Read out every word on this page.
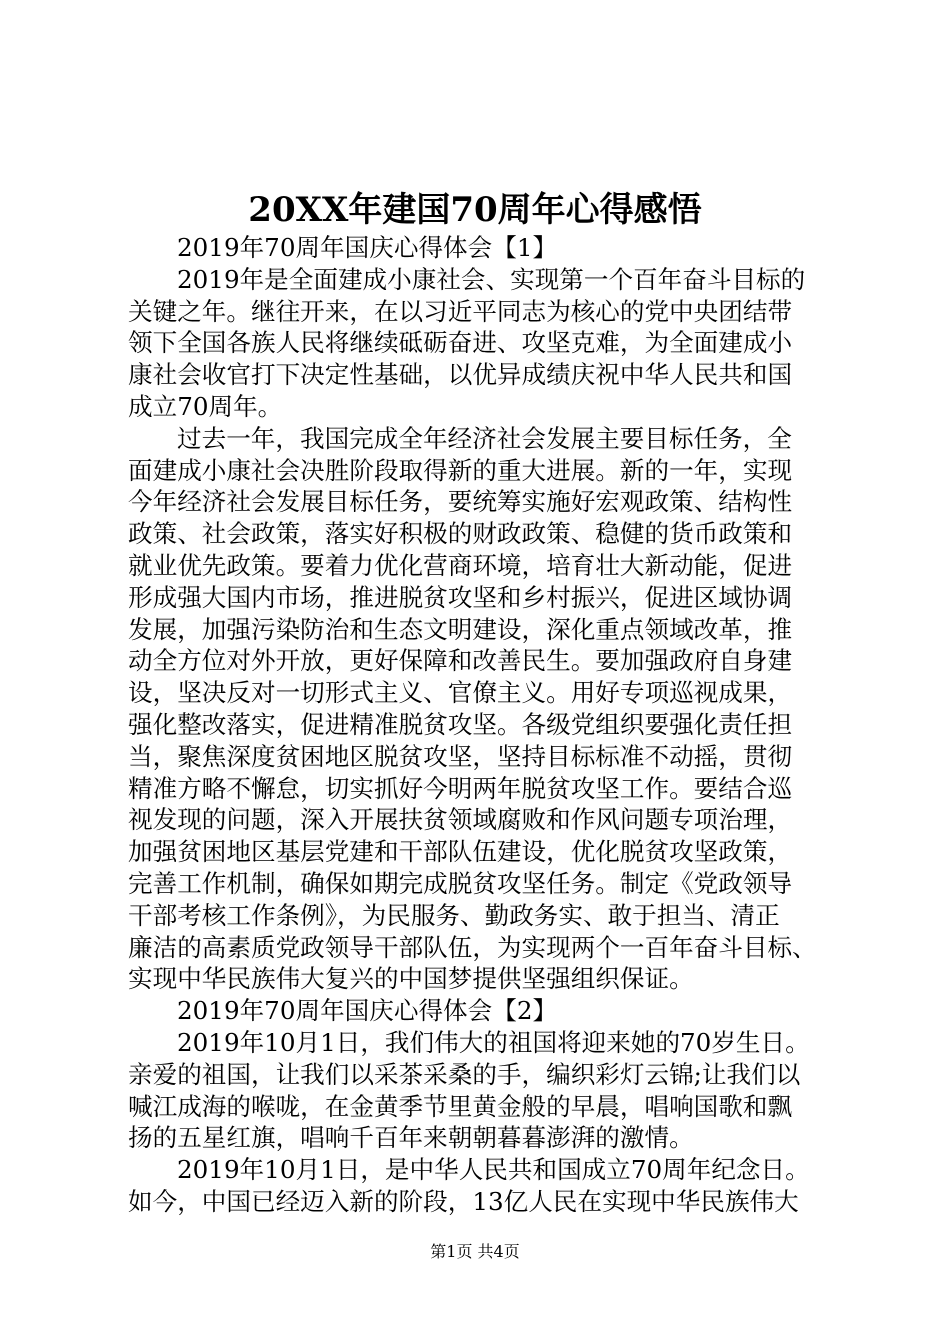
20XX年建国70周年心得感悟
2019年70周年国庆心得体会【1】
2019年是全面建成小康社会、实现第一个百年奋斗目标的
关键之年。继往开来，在以习近平同志为核心的党中央团结带
领下全国各族人民将继续砥砺奋进、攻坚克难，为全面建成小
康社会收官打下决定性基础，以优异成绩庆祝中华人民共和国
成立70周年。
过去一年，我国完成全年经济社会发展主要目标任务，全
面建成小康社会决胜阶段取得新的重大进展。新的一年，实现
今年经济社会发展目标任务，要统筹实施好宏观政策、结构性
政策、社会政策，落实好积极的财政政策、稳健的货币政策和
就业优先政策。要着力优化营商环境，培育壮大新动能，促进
形成强大国内市场，推进脱贫攻坚和乡村振兴，促进区域协调
发展，加强污染防治和生态文明建设，深化重点领域改革，推
动全方位对外开放，更好保障和改善民生。要加强政府自身建
设，坚决反对一切形式主义、官僚主义。用好专项巡视成果，
强化整改落实，促进精准脱贫攻坚。各级党组织要强化责任担
当，聚焦深度贫困地区脱贫攻坚，坚持目标标准不动摇，贯彻
精准方略不懈怠，切实抓好今明两年脱贫攻坚工作。要结合巡
视发现的问题，深入开展扶贫领域腐败和作风问题专项治理，
加强贫困地区基层党建和干部队伍建设，优化脱贫攻坚政策，
完善工作机制，确保如期完成脱贫攻坚任务。制定《党政领导
干部考核工作条例》，为民服务、勤政务实、敢于担当、清正
廉洁的高素质党政领导干部队伍，为实现两个一百年奋斗目标、
实现中华民族伟大复兴的中国梦提供坚强组织保证。
2019年70周年国庆心得体会【2】
2019年10月1日，我们伟大的祖国将迎来她的70岁生日。
亲爱的祖国，让我们以采茶采桑的手，编织彩灯云锦;让我们以
喊江成海的喉咙，在金黄季节里黄金般的早晨，唱响国歌和飘
扬的五星红旗，唱响千百年来朝朝暮暮澎湃的激情。
2019年10月1日，是中华人民共和国成立70周年纪念日。
如今，中国已经迈入新的阶段，13亿人民在实现中华民族伟大
第1页 共4页
